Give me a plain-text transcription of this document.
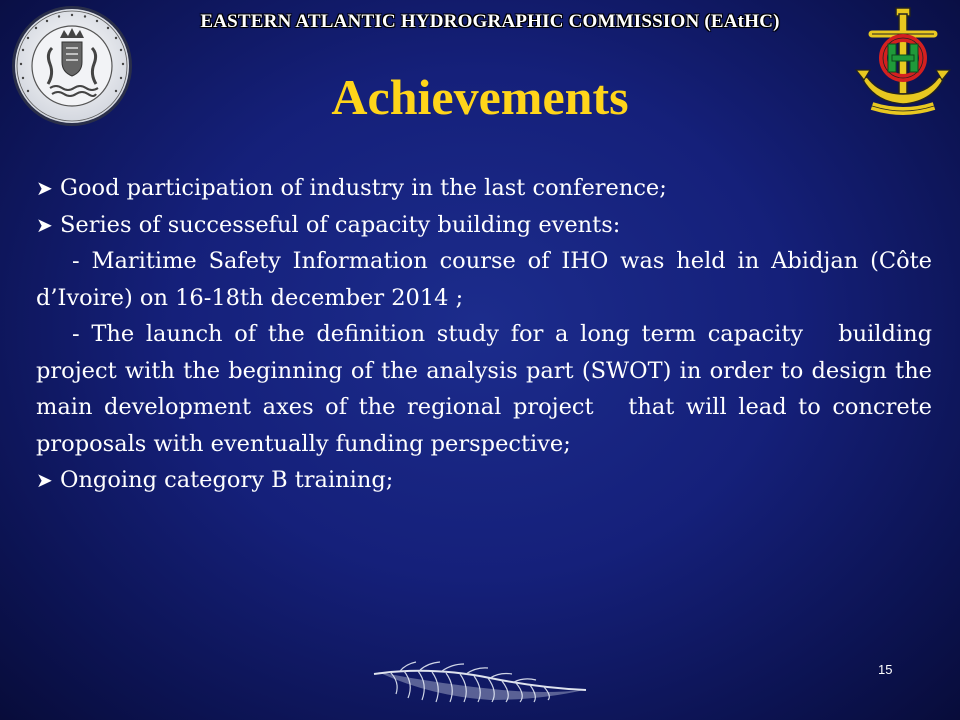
EASTERN ATLANTIC HYDROGRAPHIC COMMISSION (EAtHC)
Achievements
➤ Good participation of industry in the last conference;
➤ Series of successeful of capacity building events:
- Maritime Safety Information course of IHO was held in Abidjan (Côte d’Ivoire) on 16-18th december 2014 ;
- The launch of the definition study for a long term capacity   building project with the beginning of the analysis part (SWOT) in order to design the main development axes of the regional project   that will lead to concrete proposals with eventually funding perspective;
➤ Ongoing category B training;
15
